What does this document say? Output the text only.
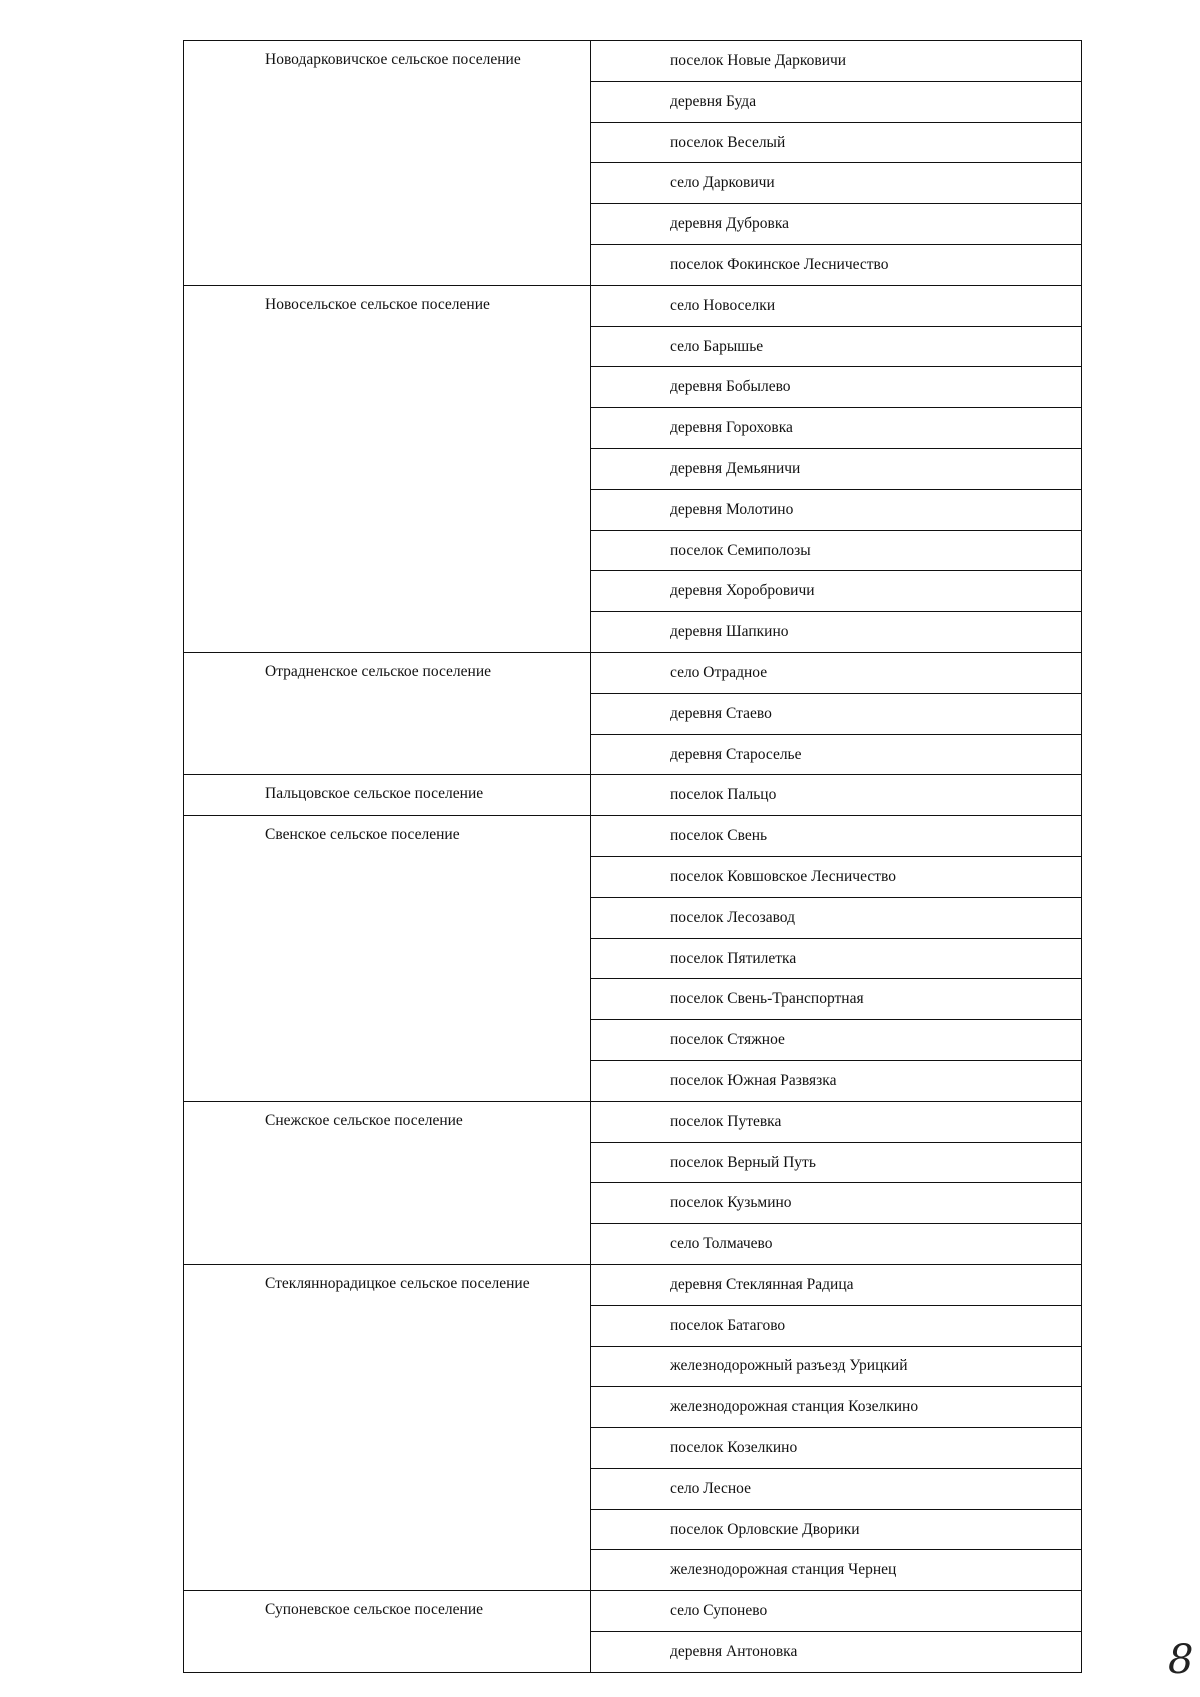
Новодарковичское сельское поселение	поселок Новые Дарковичи
	деревня Буда
	поселок Веселый
	село Дарковичи
	деревня Дубровка
	поселок Фокинское Лесничество
Новосельское сельское поселение	село Новоселки
	село Барышье
	деревня Бобылево
	деревня Гороховка
	деревня Демьяничи
	деревня Молотино
	поселок Семиполозы
	деревня Хоробровичи
	деревня Шапкино
Отрадненское сельское поселение	село Отрадное
	деревня Стаево
	деревня Староселье
Пальцовское сельское поселение	поселок Пальцо
Свенское сельское поселение	поселок Свень
	поселок Ковшовское Лесничество
	поселок Лесозавод
	поселок Пятилетка
	поселок Свень-Транспортная
	поселок Стяжное
	поселок Южная Развязка
Снежское сельское поселение	поселок Путевка
	поселок Верный Путь
	поселок Кузьмино
	село Толмачево
Стекляннорадицкое сельское поселение	деревня Стеклянная Радица
	поселок Батагово
	железнодорожный разъезд Урицкий
	железнодорожная станция Козелкино
	поселок Козелкино
	село Лесное
	поселок Орловские Дворики
	железнодорожная станция Чернец
Супоневское сельское поселение	село Супонево
	деревня Антоновка	8
